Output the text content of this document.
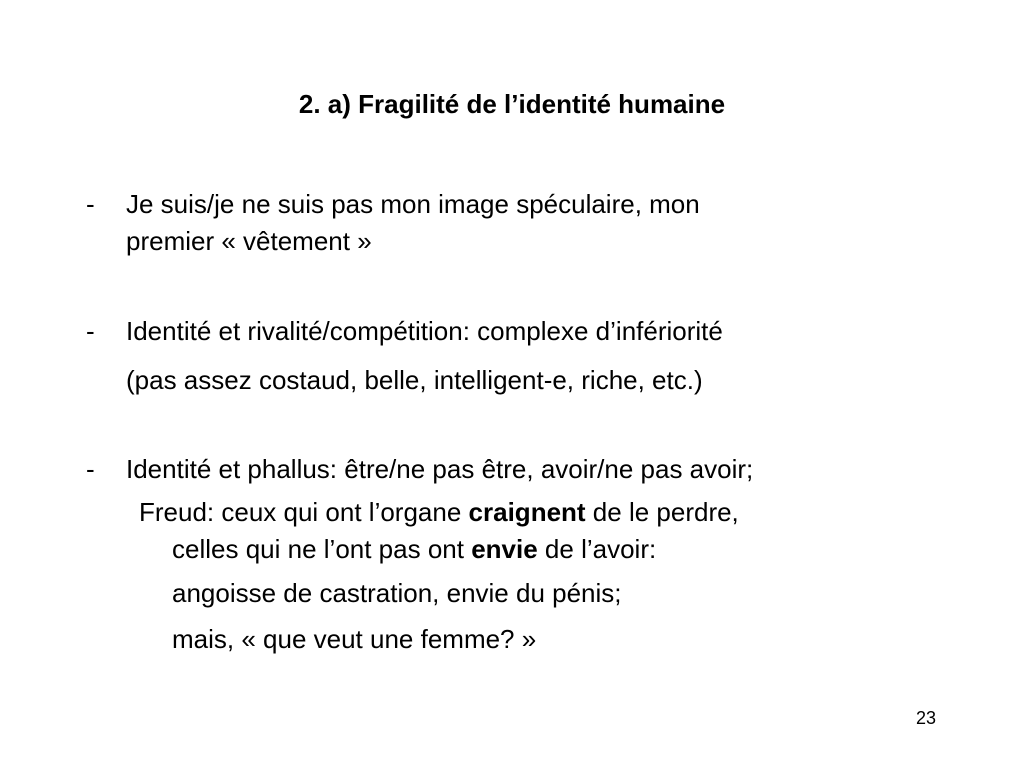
2. a) Fragilité de l’identité humaine
- Je suis/je ne suis pas mon image spéculaire, mon
premier « vêtement »
- Identité et rivalité/compétition: complexe d’infériorité
(pas assez costaud, belle, intelligent-e, riche, etc.)
- Identité et phallus: être/ne pas être, avoir/ne pas avoir;
Freud: ceux qui ont l’organe craignent de le perdre,
celles qui ne l’ont pas ont envie de l’avoir:
angoisse de castration, envie du pénis;
mais, « que veut une femme? »
23
